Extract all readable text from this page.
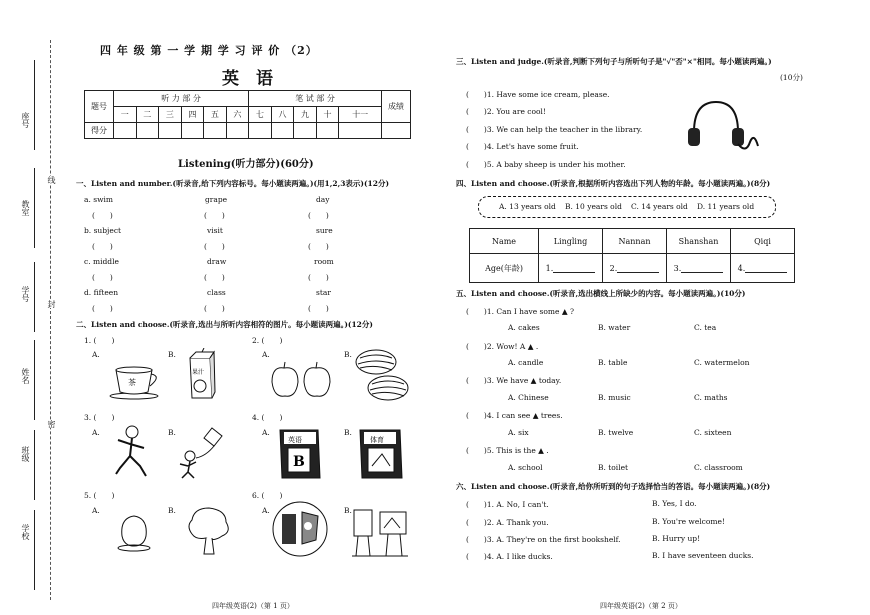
座号
教室
学号
姓名
班级
学校
线
封
密
四 年 级 第 一 学 期 学 习 评 价 （2）
英　语
题号	听 力 部 分						笔 试 部 分					成绩
	一	二	三	四	五	六	七	八	九	十	十一	
得分												
Listening(听力部分)(60分)
一、Listen and number.(听录音,给下列内容标号。每小题读两遍。)(用1,2,3表示)(12分)
a. swim	grape	day
(　　)	(　　)	(　　)
b. subject	visit	sure
(　　)	(　　)	(　　)
c. middle	draw	room
(　　)	(　　)	(　　)
d. fifteen	class	star
(　　)	(　　)	(　　)
二、Listen and choose.(听录音,选出与所听内容相符的图片。每小题读两遍。)(12分)
1. (　　)
A.
茶
B.
果汁
2. (　　)
A.	B.
3. (　　)
A.	B.
4. (　　)
A.
英语
B
B.
体育
5. (　　)
A.	B.
6. (　　)
A.	B.
四年级英语(2)（第 1 页）
三、Listen and judge.(听录音,判断下列句子与所听句子是"√"否"×"相同。每小题读两遍。)
(10分)
(　　)1. Have some ice cream, please.
(　　)2. You are cool!
(　　)3. We can help the teacher in the library.
(　　)4. Let's have some fruit.
(　　)5. A baby sheep is under his mother.
四、Listen and choose.(听录音,根据所听内容选出下列人物的年龄。每小题读两遍。)(8分)
A. 13 years old B. 10 years old C. 14 years old D. 11 years old
Name	Lingling	Nannan	Shanshan	Qiqi
Age(年龄)	1.	2.	3.	4.
五、Listen and choose.(听录音,选出横线上所缺少的内容。每小题读两遍。)(10分)
(　　)1. Can I have some ▲ ?
A. cakes	B. water	C. tea
(　　)2. Wow! A ▲ .
A. candle	B. table	C. watermelon
(　　)3. We have ▲ today.
A. Chinese	B. music	C. maths
(　　)4. I can see ▲ trees.
A. six	B. twelve	C. sixteen
(　　)5. This is the ▲ .
A. school	B. toilet	C. classroom
六、Listen and choose.(听录音,给你所听到的句子选择恰当的答语。每小题读两遍。)(8分)
(　　)1. A. No, I can't.	B. Yes, I do.
(　　)2. A. Thank you.	B. You're welcome!
(　　)3. A. They're on the first bookshelf.	B. Hurry up!
(　　)4. A. I like ducks.	B. I have seventeen ducks.
四年级英语(2)（第 2 页）
